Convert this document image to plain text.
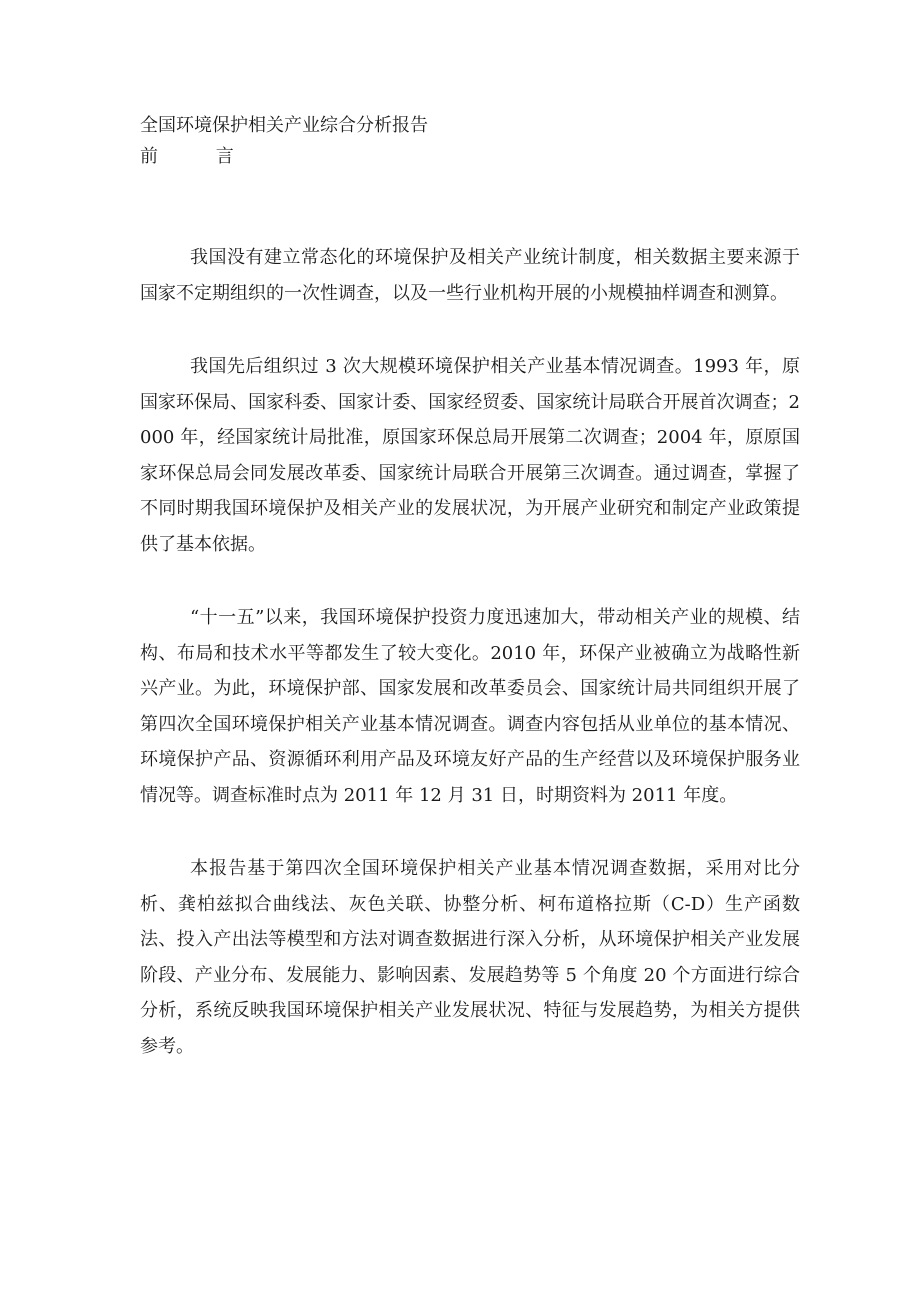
全国环境保护相关产业综合分析报告
前 言

我国没有建立常态化的环境保护及相关产业统计制度，相关数据主要来源于国家不定期组织的一次性调查，以及一些行业机构开展的小规模抽样调查和测算。

我国先后组织过 3 次大规模环境保护相关产业基本情况调查。1993 年，原国家环保局、国家科委、国家计委、国家经贸委、国家统计局联合开展首次调查；2000 年，经国家统计局批准，原国家环保总局开展第二次调查；2004 年，原原国家环保总局会同发展改革委、国家统计局联合开展第三次调查。通过调查，掌握了不同时期我国环境保护及相关产业的发展状况，为开展产业研究和制定产业政策提供了基本依据。

“十一五”以来，我国环境保护投资力度迅速加大，带动相关产业的规模、结构、布局和技术水平等都发生了较大变化。2010 年，环保产业被确立为战略性新兴产业。为此，环境保护部、国家发展和改革委员会、国家统计局共同组织开展了第四次全国环境保护相关产业基本情况调查。调查内容包括从业单位的基本情况、环境保护产品、资源循环利用产品及环境友好产品的生产经营以及环境保护服务业情况等。调查标准时点为 2011 年 12 月 31 日，时期资料为 2011 年度。

本报告基于第四次全国环境保护相关产业基本情况调查数据，采用对比分析、龚柏兹拟合曲线法、灰色关联、协整分析、柯布道格拉斯（C-D）生产函数法、投入产出法等模型和方法对调查数据进行深入分析，从环境保护相关产业发展阶段、产业分布、发展能力、影响因素、发展趋势等 5 个角度 20 个方面进行综合分析，系统反映我国环境保护相关产业发展状况、特征与发展趋势，为相关方提供参考。
